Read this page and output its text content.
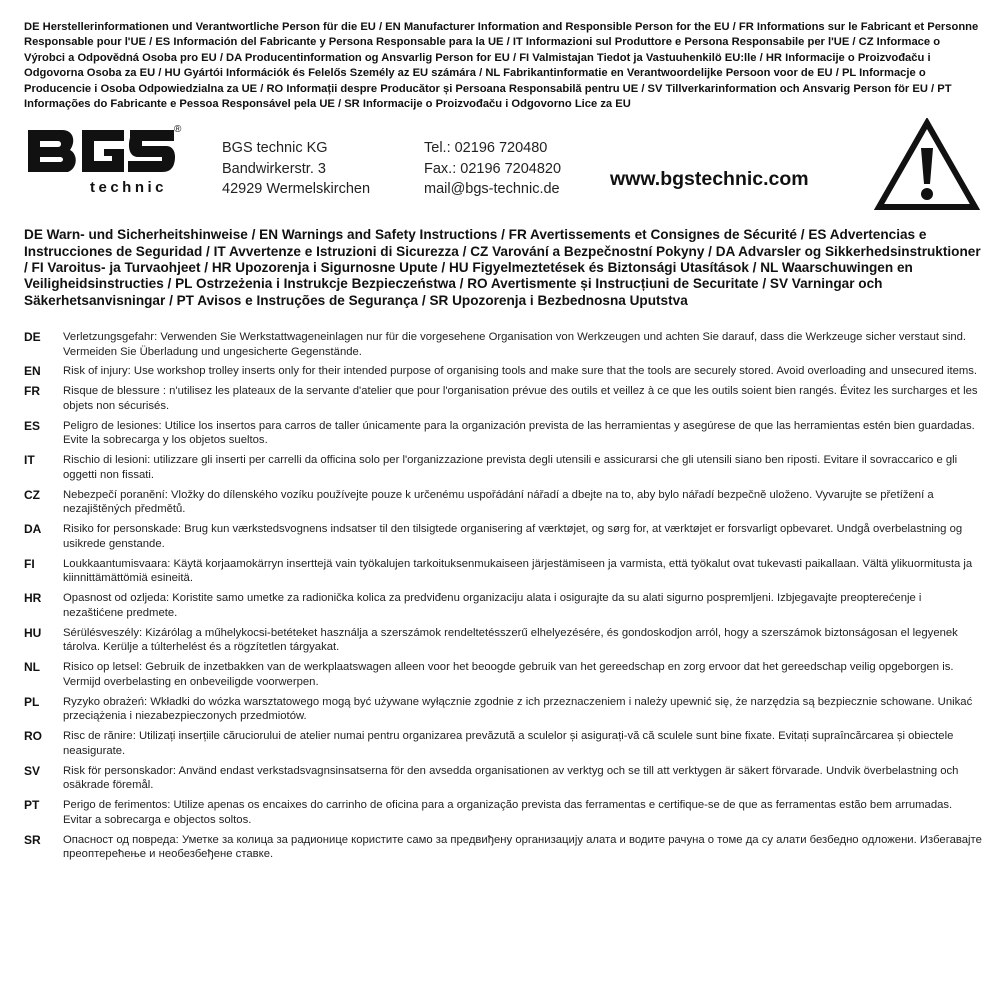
DE Herstellerinformationen und Verantwortliche Person für die EU / EN Manufacturer Information and Responsible Person for the EU / FR Informations sur le Fabricant et Personne Responsable pour l'UE / ES Información del Fabricante y Persona Responsable para la UE / IT Informazioni sul Produttore e Persona Responsabile per l'UE / CZ Informace o Výrobci a Odpovědná Osoba pro EU / DA Producentinformation og Ansvarlig Person for EU / FI Valmistajan Tiedot ja Vastuuhenkilö EU:lle / HR Informacije o Proizvođaču i Odgovorna Osoba za EU / HU Gyártói Információk és Felelős Személy az EU számára / NL Fabrikantinformatie en Verantwoordelijke Persoon voor de EU / PL Informacje o Producencie i Osoba Odpowiedzialna za UE / RO Informații despre Producător și Persoana Responsabilă pentru UE / SV Tillverkarinformation och Ansvarig Person för EU / PT Informações do Fabricante e Pessoa Responsável pela UE / SR Informacije o Proizvođaču i Odgovorno Lice za EU

®
technic
BGS technic KG
Bandwirkerstr. 3
42929 Wermelskirchen
Tel.: 02196 720480
Fax.: 02196 7204820
mail@bgs-technic.de	www.bgstechnic.com
DE Warn- und Sicherheitshinweise / EN Warnings and Safety Instructions / FR Avertissements et Consignes de Sécurité / ES Advertencias e Instrucciones de Seguridad / IT Avvertenze e Istruzioni di Sicurezza / CZ Varování a Bezpečnostní Pokyny / DA Advarsler og Sikkerhedsinstruktioner / FI Varoitus- ja Turvaohjeet / HR Upozorenja i Sigurnosne Upute / HU Figyelmeztetések és Biztonsági Utasítások / NL Waarschuwingen en Veiligheidsinstructies / PL Ostrzeżenia i Instrukcje Bezpieczeństwa / RO Avertismente și Instrucțiuni de Securitate / SV Varningar och Säkerhetsanvisningar / PT Avisos e Instruções de Segurança / SR Upozorenja i Bezbednosna Uputstva
DE	Verletzungsgefahr: Verwenden Sie Werkstattwageneinlagen nur für die vorgesehene Organisation von Werkzeugen und achten Sie darauf, dass die Werkzeuge sicher verstaut sind. Vermeiden Sie Überladung und ungesicherte Gegenstände.
EN	Risk of injury: Use workshop trolley inserts only for their intended purpose of organising tools and make sure that the tools are securely stored. Avoid overloading and unsecured items.
FR	Risque de blessure : n'utilisez les plateaux de la servante d'atelier que pour l'organisation prévue des outils et veillez à ce que les outils soient bien rangés. Évitez les surcharges et les objets non sécurisés.
ES	Peligro de lesiones: Utilice los insertos para carros de taller únicamente para la organización prevista de las herramientas y asegúrese de que las herramientas estén bien guardadas. Evite la sobrecarga y los objetos sueltos.
IT	Rischio di lesioni: utilizzare gli inserti per carrelli da officina solo per l'organizzazione prevista degli utensili e assicurarsi che gli utensili siano ben riposti. Evitare il sovraccarico e gli oggetti non fissati.
CZ	Nebezpečí poranění: Vložky do dílenského vozíku používejte pouze k určenému uspořádání nářadí a dbejte na to, aby bylo nářadí bezpečně uloženo. Vyvarujte se přetížení a nezajištěných předmětů.
DA	Risiko for personskade: Brug kun værkstedsvognens indsatser til den tilsigtede organisering af værktøjet, og sørg for, at værktøjet er forsvarligt opbevaret. Undgå overbelastning og usikrede genstande.
FI	Loukkaantumisvaara: Käytä korjaamokärryn inserttejä vain työkalujen tarkoituksenmukaiseen järjestämiseen ja varmista, että työkalut ovat tukevasti paikallaan. Vältä ylikuormitusta ja kiinnittämättömiä esineitä.
HR	Opasnost od ozljeda: Koristite samo umetke za radionička kolica za predviđenu organizaciju alata i osigurajte da su alati sigurno pospremljeni. Izbjegavajte preopterećenje i nezaštićene predmete.
HU	Sérülésveszély: Kizárólag a műhelykocsi-betéteket használja a szerszámok rendeltetésszerű elhelyezésére, és gondoskodjon arról, hogy a szerszámok biztonságosan el legyenek tárolva. Kerülje a túlterhelést és a rögzítetlen tárgyakat.
NL	Risico op letsel: Gebruik de inzetbakken van de werkplaatswagen alleen voor het beoogde gebruik van het gereedschap en zorg ervoor dat het gereedschap veilig opgeborgen is. Vermijd overbelasting en onbeveiligde voorwerpen.
PL	Ryzyko obrażeń: Wkładki do wózka warsztatowego mogą być używane wyłącznie zgodnie z ich przeznaczeniem i należy upewnić się, że narzędzia są bezpiecznie schowane. Unikać przeciążenia i niezabezpieczonych przedmiotów.
RO	Risc de rănire: Utilizați inserțiile căruciorului de atelier numai pentru organizarea prevăzută a sculelor și asigurați-vă că sculele sunt bine fixate. Evitați supraîncărcarea și obiectele neasigurate.
SV	Risk för personskador: Använd endast verkstadsvagnsinsatserna för den avsedda organisationen av verktyg och se till att verktygen är säkert förvarade. Undvik överbelastning och osäkrade föremål.
PT	Perigo de ferimentos: Utilize apenas os encaixes do carrinho de oficina para a organização prevista das ferramentas e certifique-se de que as ferramentas estão bem arrumadas. Evitar a sobrecarga e objectos soltos.
SR	Опасност од повреда: Уметке за колица за радионице користите само за предвиђену организацију алата и водите рачуна о томе да су алати безбедно одложени. Избегавајте преоптерећење и необезбеђене ставке.
